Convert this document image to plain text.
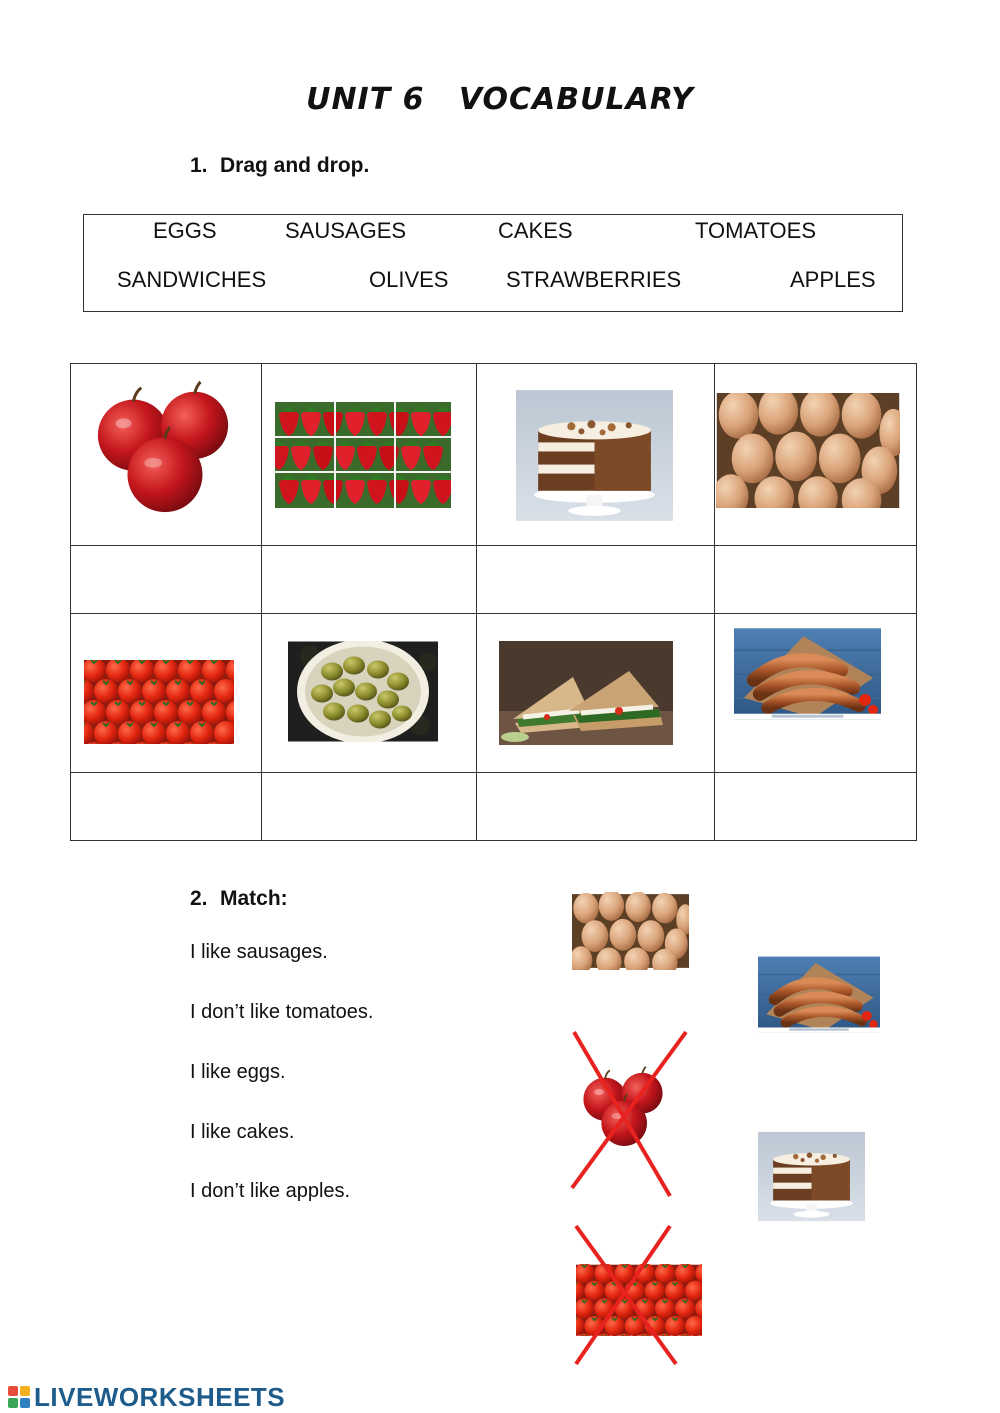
UNIT 6   VOCABULARY
1. Drag and drop.
EGGS	SAUSAGES	CAKES	TOMATOES
SANDWICHES	OLIVES	STRAWBERRIES	APPLES

2. Match:
I like sausages.
I don’t like tomatoes.
I like eggs.
I like cakes.
I don’t like apples.
LIVEWORKSHEETS
